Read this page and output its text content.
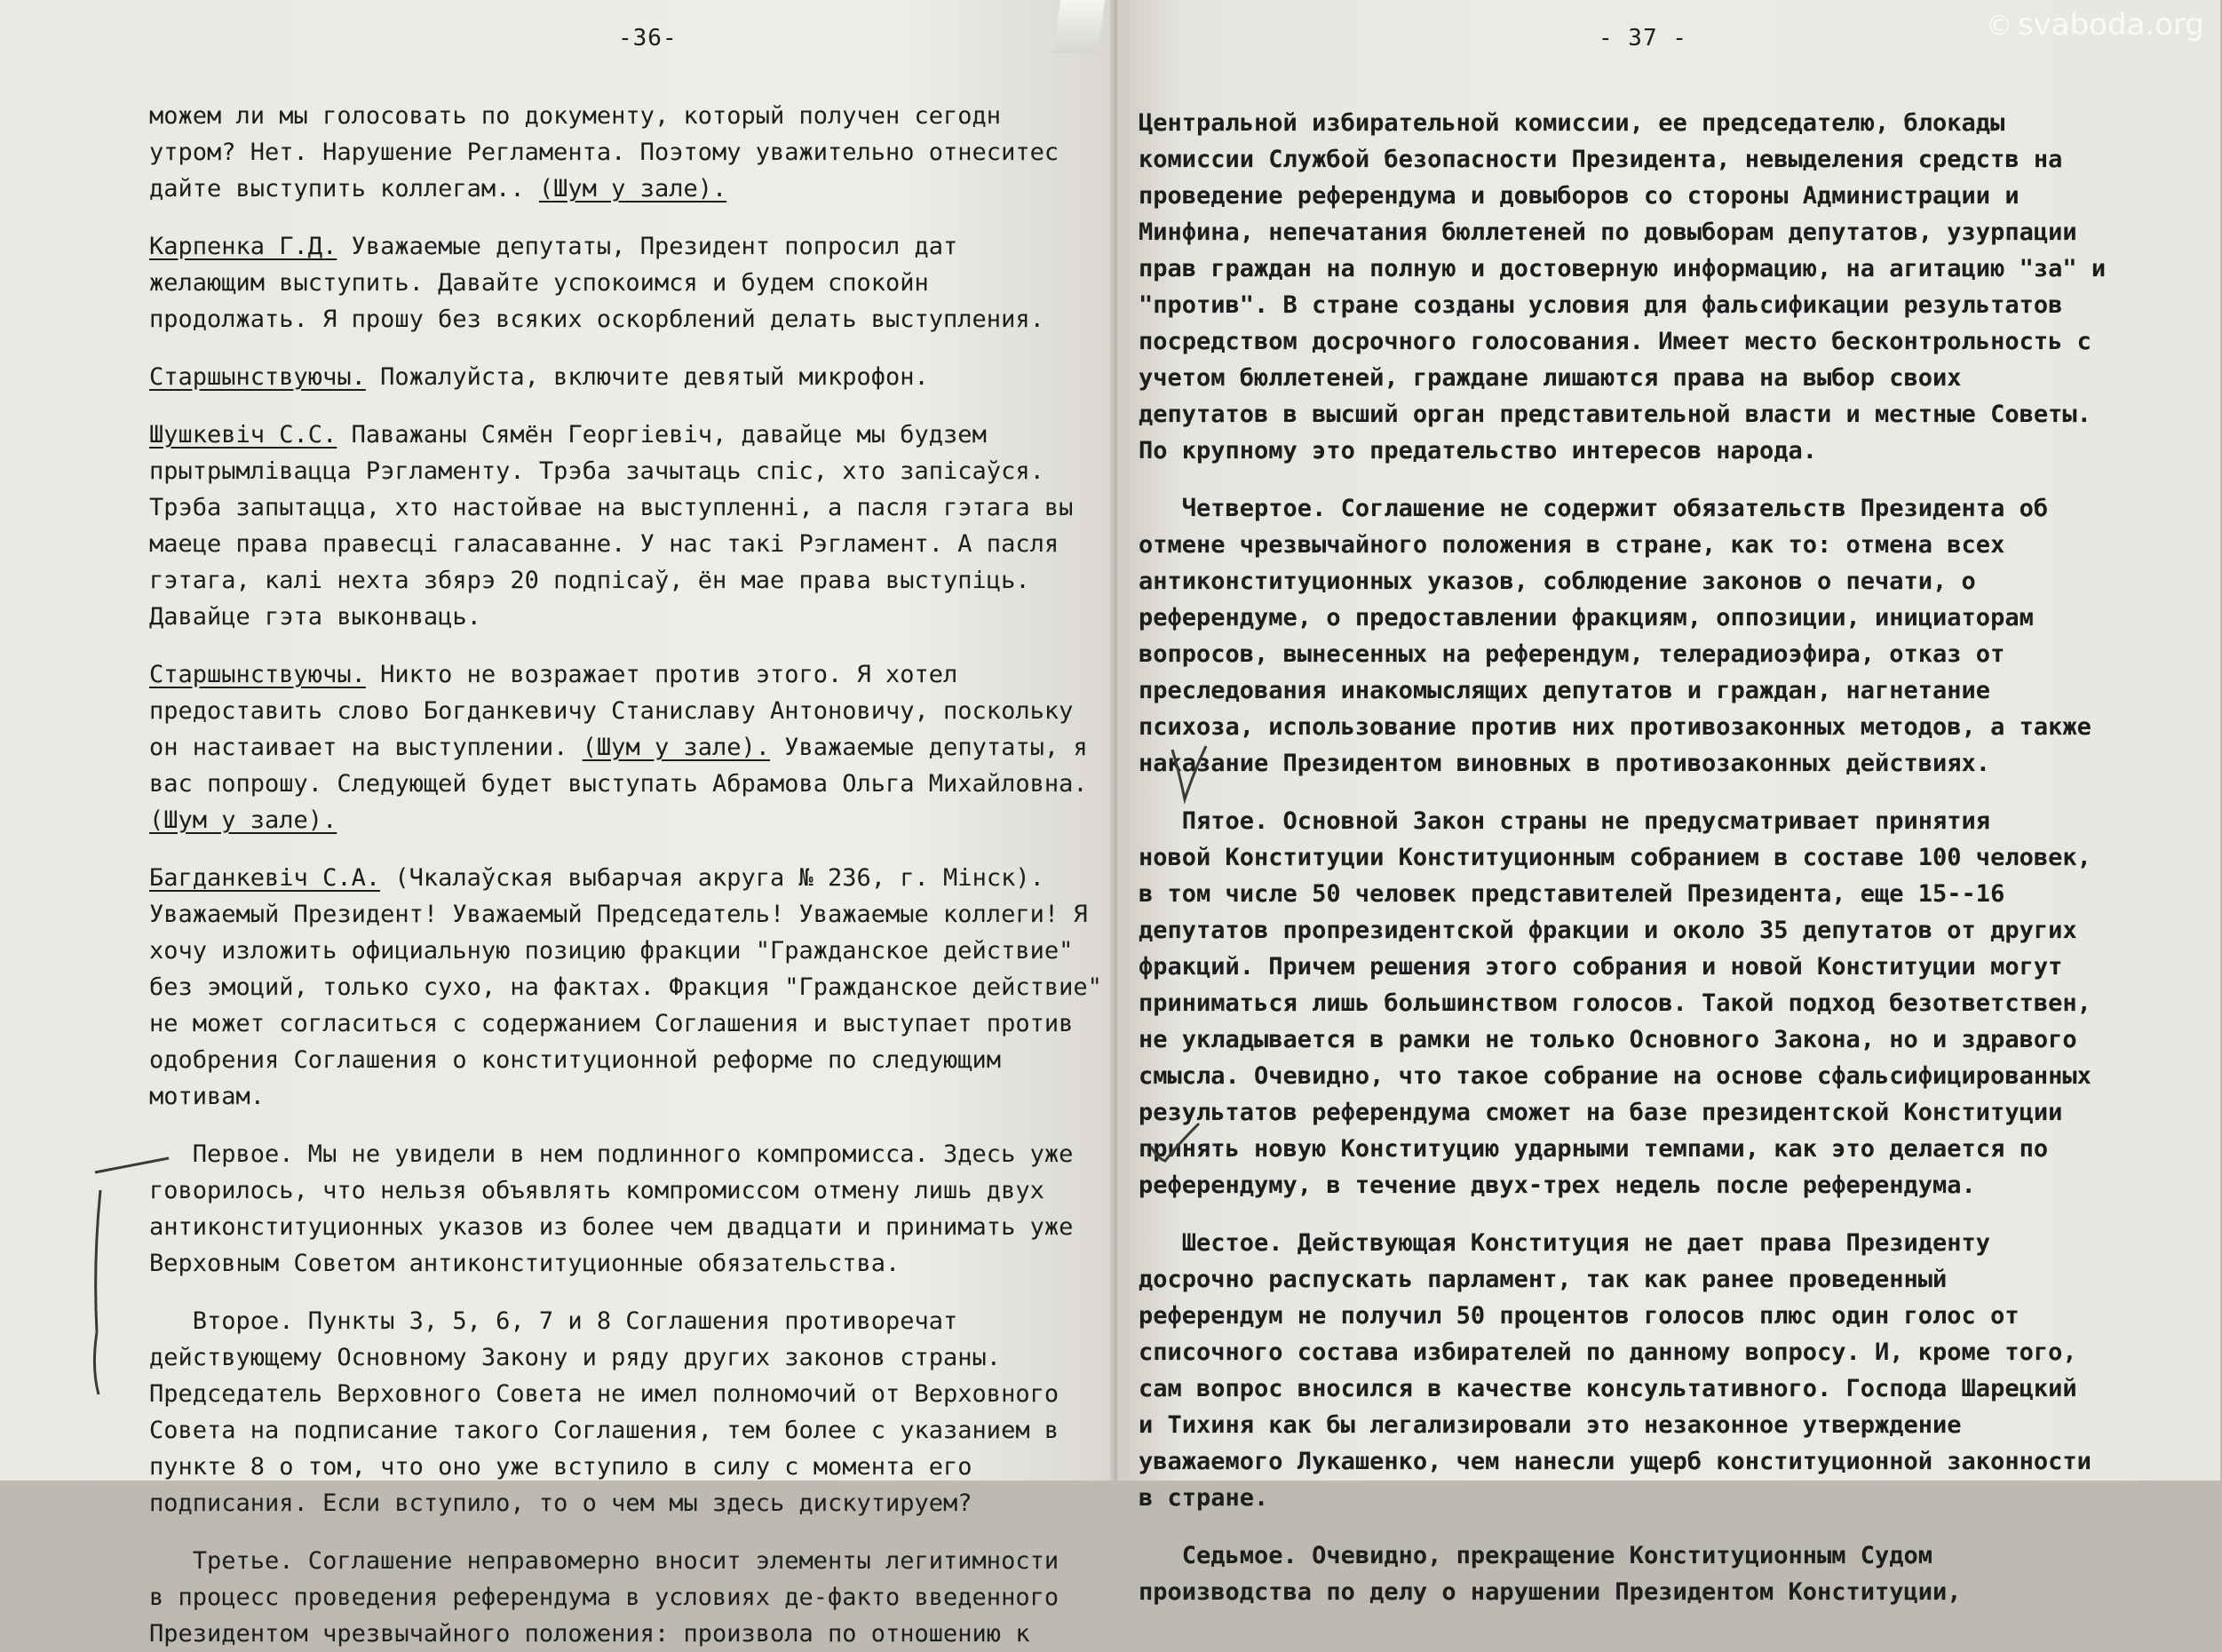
-36-
можем ли мы голосовать по документу, который получен сегодн
утром? Нет. Нарушение Регламента. Поэтому уважительно отнеситес
дайте выступить коллегам.. (Шум у зале).
Карпенка Г.Д. Уважаемые депутаты, Президент попросил дат
желающим выступить. Давайте успокоимся и будем спокойн
продолжать. Я прошу без всяких оскорблений делать выступления.
Старшынствуючы. Пожалуйста, включите девятый микрофон.
Шушкевіч С.С. Паважаны Сямён Георгіевіч, давайце мы будзем
прытрымлівацца Рэгламенту. Трэба зачытаць спіс, хто запісаўся.
Трэба запытацца, хто настойвае на выступленні, а пасля гэтага вы
маеце права правесці галасаванне. У нас такі Рэгламент. А пасля
гэтага, калі нехта збярэ 20 подпісаў, ён мае права выступіць.
Давайце гэта выконваць.
Старшынствуючы. Никто не возражает против этого. Я хотел
предоставить слово Богданкевичу Станиславу Антоновичу, поскольку
он настаивает на выступлении. (Шум у зале). Уважаемые депутаты, я
вас попрошу. Следующей будет выступать Абрамова Ольга Михайловна.
(Шум у зале).
Багданкевіч С.А. (Чкалаўская выбарчая акруга № 236, г. Мінск).
Уважаемый Президент! Уважаемый Председатель! Уважаемые коллеги! Я
хочу изложить официальную позицию фракции "Гражданское действие"
без эмоций, только сухо, на фактах. Фракция "Гражданское действие"
не может согласиться с содержанием Соглашения и выступает против
одобрения Соглашения о конституционной реформе по следующим
мотивам.
Первое. Мы не увидели в нем подлинного компромисса. Здесь уже
говорилось, что нельзя объявлять компромиссом отмену лишь двух
антиконституционных указов из более чем двадцати и принимать уже
Верховным Советом антиконституционные обязательства.
Второе. Пункты 3, 5, 6, 7 и 8 Соглашения противоречат
действующему Основному Закону и ряду других законов страны.
Председатель Верховного Совета не имел полномочий от Верховного
Совета на подписание такого Соглашения, тем более с указанием в
пункте 8 о том, что оно уже вступило в силу с момента его
подписания. Если вступило, то о чем мы здесь дискутируем?
Третье. Соглашение неправомерно вносит элементы легитимности
в процесс проведения референдума в условиях де-факто введенного
Президентом чрезвычайного положения: произвола по отношению к
- 37 -
Центральной избирательной комиссии, ее председателю, блокады
комиссии Службой безопасности Президента, невыделения средств на
проведение референдума и довыборов со стороны Администрации и
Минфина, непечатания бюллетеней по довыборам депутатов, узурпации
прав граждан на полную и достоверную информацию, на агитацию "за" и
"против". В стране созданы условия для фальсификации результатов
посредством досрочного голосования. Имеет место бесконтрольность с
учетом бюллетеней, граждане лишаются права на выбор своих
депутатов в высший орган представительной власти и местные Советы.
По крупному это предательство интересов народа.
Четвертое. Соглашение не содержит обязательств Президента об
отмене чрезвычайного положения в стране, как то: отмена всех
антиконституционных указов, соблюдение законов о печати, о
референдуме, о предоставлении фракциям, оппозиции, инициаторам
вопросов, вынесенных на референдум, телерадиоэфира, отказ от
преследования инакомыслящих депутатов и граждан, нагнетание
психоза, использование против них противозаконных методов, а также
наказание Президентом виновных в противозаконных действиях.
Пятое. Основной Закон страны не предусматривает принятия
новой Конституции Конституционным собранием в составе 100 человек,
в том числе 50 человек представителей Президента, еще 15--16
депутатов пропрезидентской фракции и около 35 депутатов от других
фракций. Причем решения этого собрания и новой Конституции могут
приниматься лишь большинством голосов. Такой подход безответствен,
не укладывается в рамки не только Основного Закона, но и здравого
смысла. Очевидно, что такое собрание на основе сфальсифицированных
результатов референдума сможет на базе президентской Конституции
принять новую Конституцию ударными темпами, как это делается по
референдуму, в течение двух-трех недель после референдума.
Шестое. Действующая Конституция не дает права Президенту
досрочно распускать парламент, так как ранее проведенный
референдум не получил 50 процентов голосов плюс один голос от
списочного состава избирателей по данному вопросу. И, кроме того,
сам вопрос вносился в качестве консультативного. Господа Шарецкий
и Тихиня как бы легализировали это незаконное утверждение
уважаемого Лукашенко, чем нанесли ущерб конституционной законности
в стране.
Седьмое. Очевидно, прекращение Конституционным Судом
производства по делу о нарушении Президентом Конституции,
© svaboda.org
